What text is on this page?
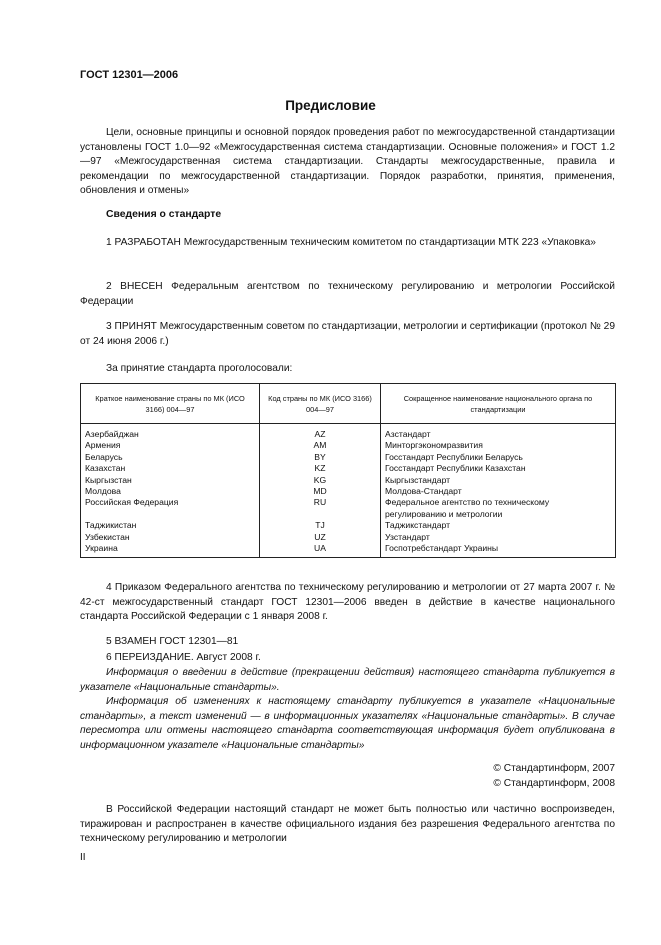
ГОСТ 12301—2006
Предисловие
Цели, основные принципы и основной порядок проведения работ по межгосударственной стандартизации установлены ГОСТ 1.0—92 «Межгосударственная система стандартизации. Основные положения» и ГОСТ 1.2—97 «Межгосударственная система стандартизации. Стандарты межгосударственные, правила и рекомендации по межгосударственной стандартизации. Порядок разработки, принятия, применения, обновления и отмены»
Сведения о стандарте
1 РАЗРАБОТАН Межгосударственным техническим комитетом по стандартизации МТК 223 «Упаковка»
2 ВНЕСЕН Федеральным агентством по техническому регулированию и метрологии Российской Федерации
3 ПРИНЯТ Межгосударственным советом по стандартизации, метрологии и сертификации (протокол № 29 от 24 июня 2006 г.)
За принятие стандарта проголосовали:
Краткое наименование страны по МК (ИСО 3166) 004—97	Код страны по МК (ИСО 3166) 004—97	Сокращенное наименование национального органа по стандартизации
Азербайджан	AZ	Азстандарт
Армения	AM	Минторгэкономразвития
Беларусь	BY	Госстандарт Республики Беларусь
Казахстан	KZ	Госстандарт Республики Казахстан
Кыргызстан	KG	Кыргызстандарт
Молдова	MD	Молдова-Стандарт
Российская Федерация	RU	Федеральное агентство по техническому регулированию и метрологии
Таджикистан	TJ	Таджикстандарт
Узбекистан	UZ	Узстандарт
Украина	UA	Госпотребстандарт Украины
4 Приказом Федерального агентства по техническому регулированию и метрологии от 27 марта 2007 г. № 42-ст межгосударственный стандарт ГОСТ 12301—2006 введен в действие в качестве национального стандарта Российской Федерации с 1 января 2008 г.
5 ВЗАМЕН ГОСТ 12301—81
6 ПЕРЕИЗДАНИЕ. Август 2008 г.
Информация о введении в действие (прекращении действия) настоящего стандарта публикуется в указателе «Национальные стандарты».
Информация об изменениях к настоящему стандарту публикуется в указателе «Национальные стандарты», а текст изменений — в информационных указателях «Национальные стандарты». В случае пересмотра или отмены настоящего стандарта соответствующая информация будет опубликована в информационном указателе «Национальные стандарты»
© Стандартинформ, 2007
© Стандартинформ, 2008
В Российской Федерации настоящий стандарт не может быть полностью или частично воспроизведен, тиражирован и распространен в качестве официального издания без разрешения Федерального агентства по техническому регулированию и метрологии
II
